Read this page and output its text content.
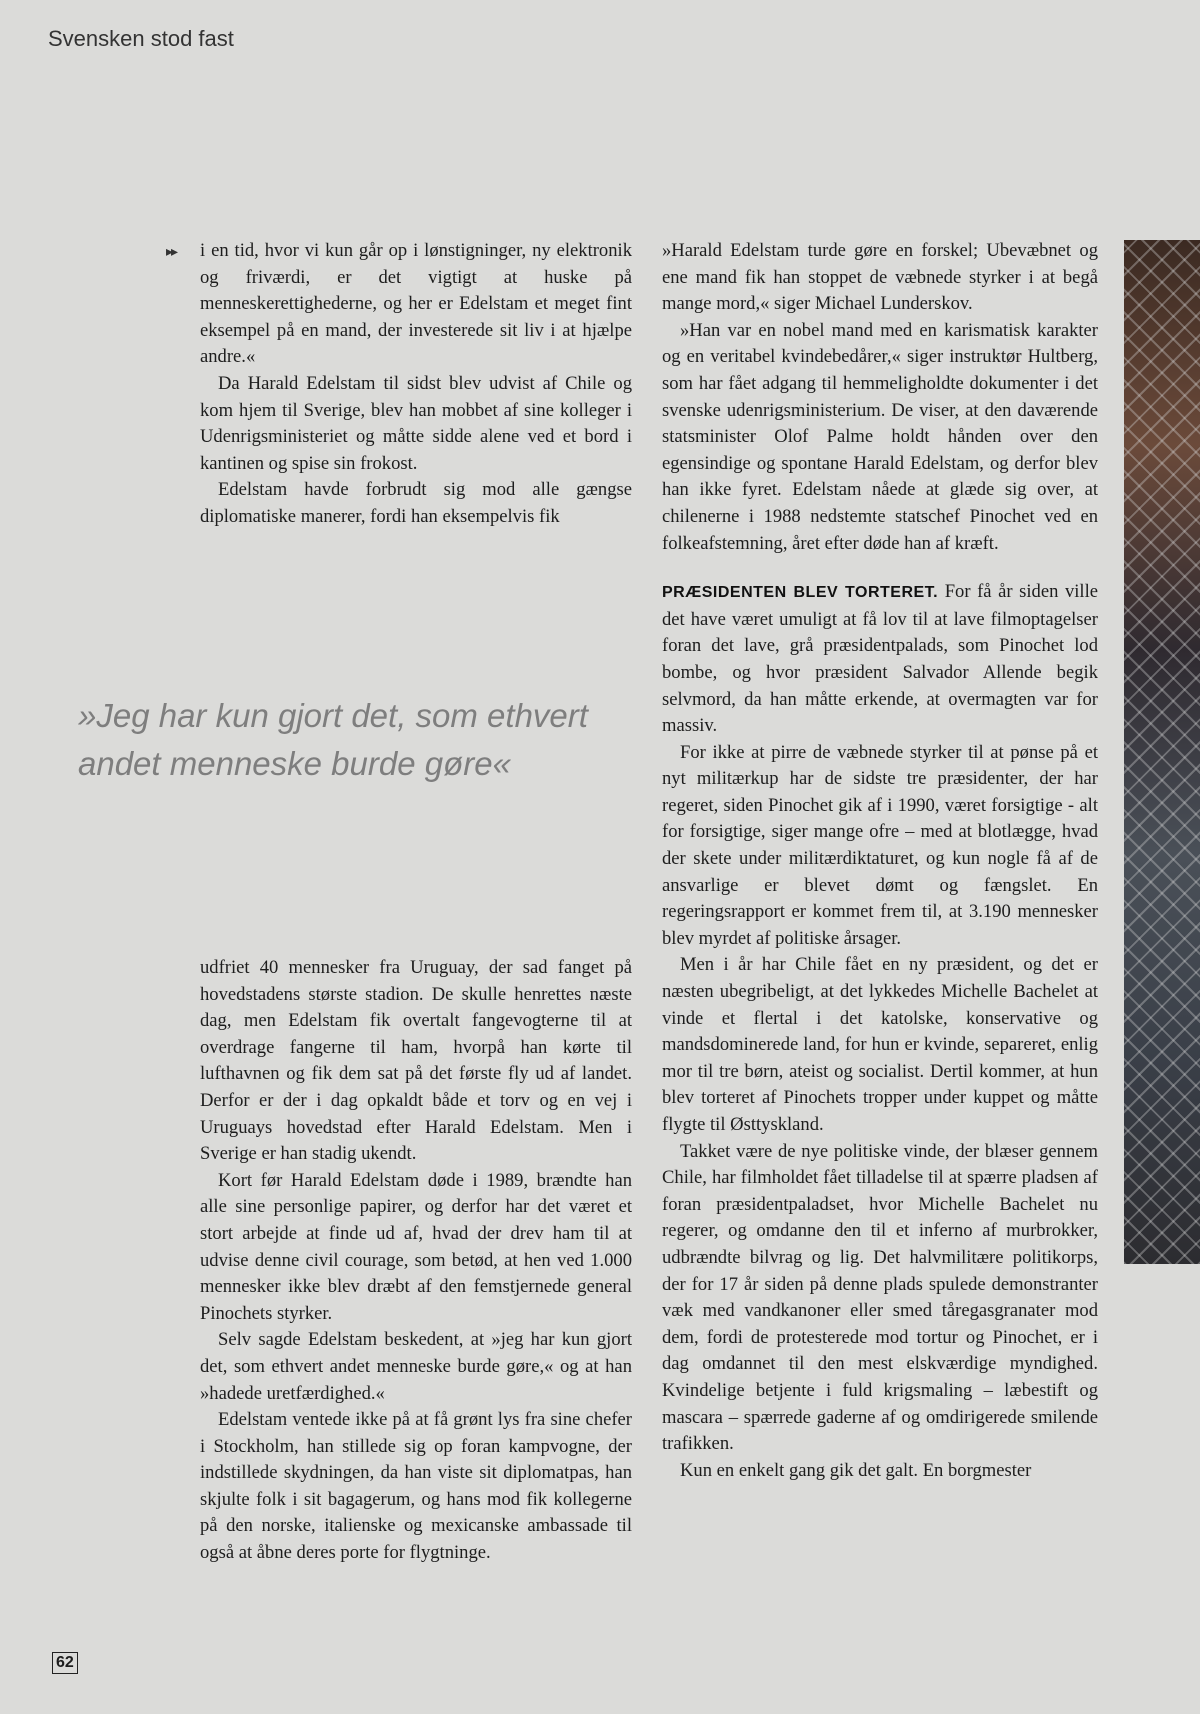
Svensken stod fast
▸▸ i en tid, hvor vi kun går op i lønstigninger, ny elektronik og friværdi, er det vigtigt at huske på menneskerettighederne, og her er Edelstam et meget fint eksempel på en mand, der investerede sit liv i at hjælpe andre.«

Da Harald Edelstam til sidst blev udvist af Chile og kom hjem til Sverige, blev han mobbet af sine kolleger i Udenrigsministeriet og måtte sidde alene ved et bord i kantinen og spise sin frokost.

Edelstam havde forbrudt sig mod alle gængse diplomatiske manerer, fordi han eksempelvis fik

»Jeg har kun gjort det, som ethvert andet menneske burde gøre«

udfriet 40 mennesker fra Uruguay, der sad fanget på hovedstadens største stadion. De skulle henrettes næste dag, men Edelstam fik overtalt fangevogterne til at overdrage fangerne til ham, hvorpå han kørte til lufthavnen og fik dem sat på det første fly ud af landet. Derfor er der i dag opkaldt både et torv og en vej i Uruguays hovedstad efter Harald Edelstam. Men i Sverige er han stadig ukendt.

Kort før Harald Edelstam døde i 1989, brændte han alle sine personlige papirer, og derfor har det været et stort arbejde at finde ud af, hvad der drev ham til at udvise denne civil courage, som betød, at hen ved 1.000 mennesker ikke blev dræbt af den femstjernede general Pinochets styrker.

Selv sagde Edelstam beskedent, at »jeg har kun gjort det, som ethvert andet menneske burde gøre,« og at han »hadede uretfærdighed.«

Edelstam ventede ikke på at få grønt lys fra sine chefer i Stockholm, han stillede sig op foran kampvogne, der indstillede skydningen, da han viste sit diplomatpas, han skjulte folk i sit bagagerum, og hans mod fik kollegerne på den norske, italienske og mexicanske ambassade til også at åbne deres porte for flygtninge.

»Harald Edelstam turde gøre en forskel; Ubevæbnet og ene mand fik han stoppet de væbnede styrker i at begå mange mord,« siger Michael Lunderskov.

»Han var en nobel mand med en karismatisk karakter og en veritabel kvindebedårer,« siger instruktør Hultberg, som har fået adgang til hemmeligholdte dokumenter i det svenske udenrigsministerium. De viser, at den daværende statsminister Olof Palme holdt hånden over den egensindige og spontane Harald Edelstam, og derfor blev han ikke fyret. Edelstam nåede at glæde sig over, at chilenerne i 1988 nedstemte statschef Pinochet ved en folkeafstemning, året efter døde han af kræft.

PRÆSIDENTEN BLEV TORTERET. For få år siden ville det have været umuligt at få lov til at lave filmoptagelser foran det lave, grå præsidentpalads, som Pinochet lod bombe, og hvor præsident Salvador Allende begik selvmord, da han måtte erkende, at overmagten var for massiv.

For ikke at pirre de væbnede styrker til at pønse på et nyt militærkup har de sidste tre præsidenter, der har regeret, siden Pinochet gik af i 1990, været forsigtige - alt for forsigtige, siger mange ofre – med at blotlægge, hvad der skete under militærdiktaturet, og kun nogle få af de ansvarlige er blevet dømt og fængslet. En regeringsrapport er kommet frem til, at 3.190 mennesker blev myrdet af politiske årsager.

Men i år har Chile fået en ny præsident, og det er næsten ubegribeligt, at det lykkedes Michelle Bachelet at vinde et flertal i det katolske, konservative og mandsdominerede land, for hun er kvinde, separeret, enlig mor til tre børn, ateist og socialist. Dertil kommer, at hun blev torteret af Pinochets tropper under kuppet og måtte flygte til Østtyskland.

Takket være de nye politiske vinde, der blæser gennem Chile, har filmholdet fået tilladelse til at spærre pladsen af foran præsidentpaladset, hvor Michelle Bachelet nu regerer, og omdanne den til et inferno af murbrokker, udbrændte bilvrag og lig. Det halvmilitære politikorps, der for 17 år siden på denne plads spulede demonstranter væk med vandkanoner eller smed tåregasgranater mod dem, fordi de protesterede mod tortur og Pinochet, er i dag omdannet til den mest elskværdige myndighed. Kvindelige betjente i fuld krigsmaling – læbestift og mascara – spærrede gaderne af og omdirigerede smilende trafikken.

Kun en enkelt gang gik det galt. En borgmester

62
